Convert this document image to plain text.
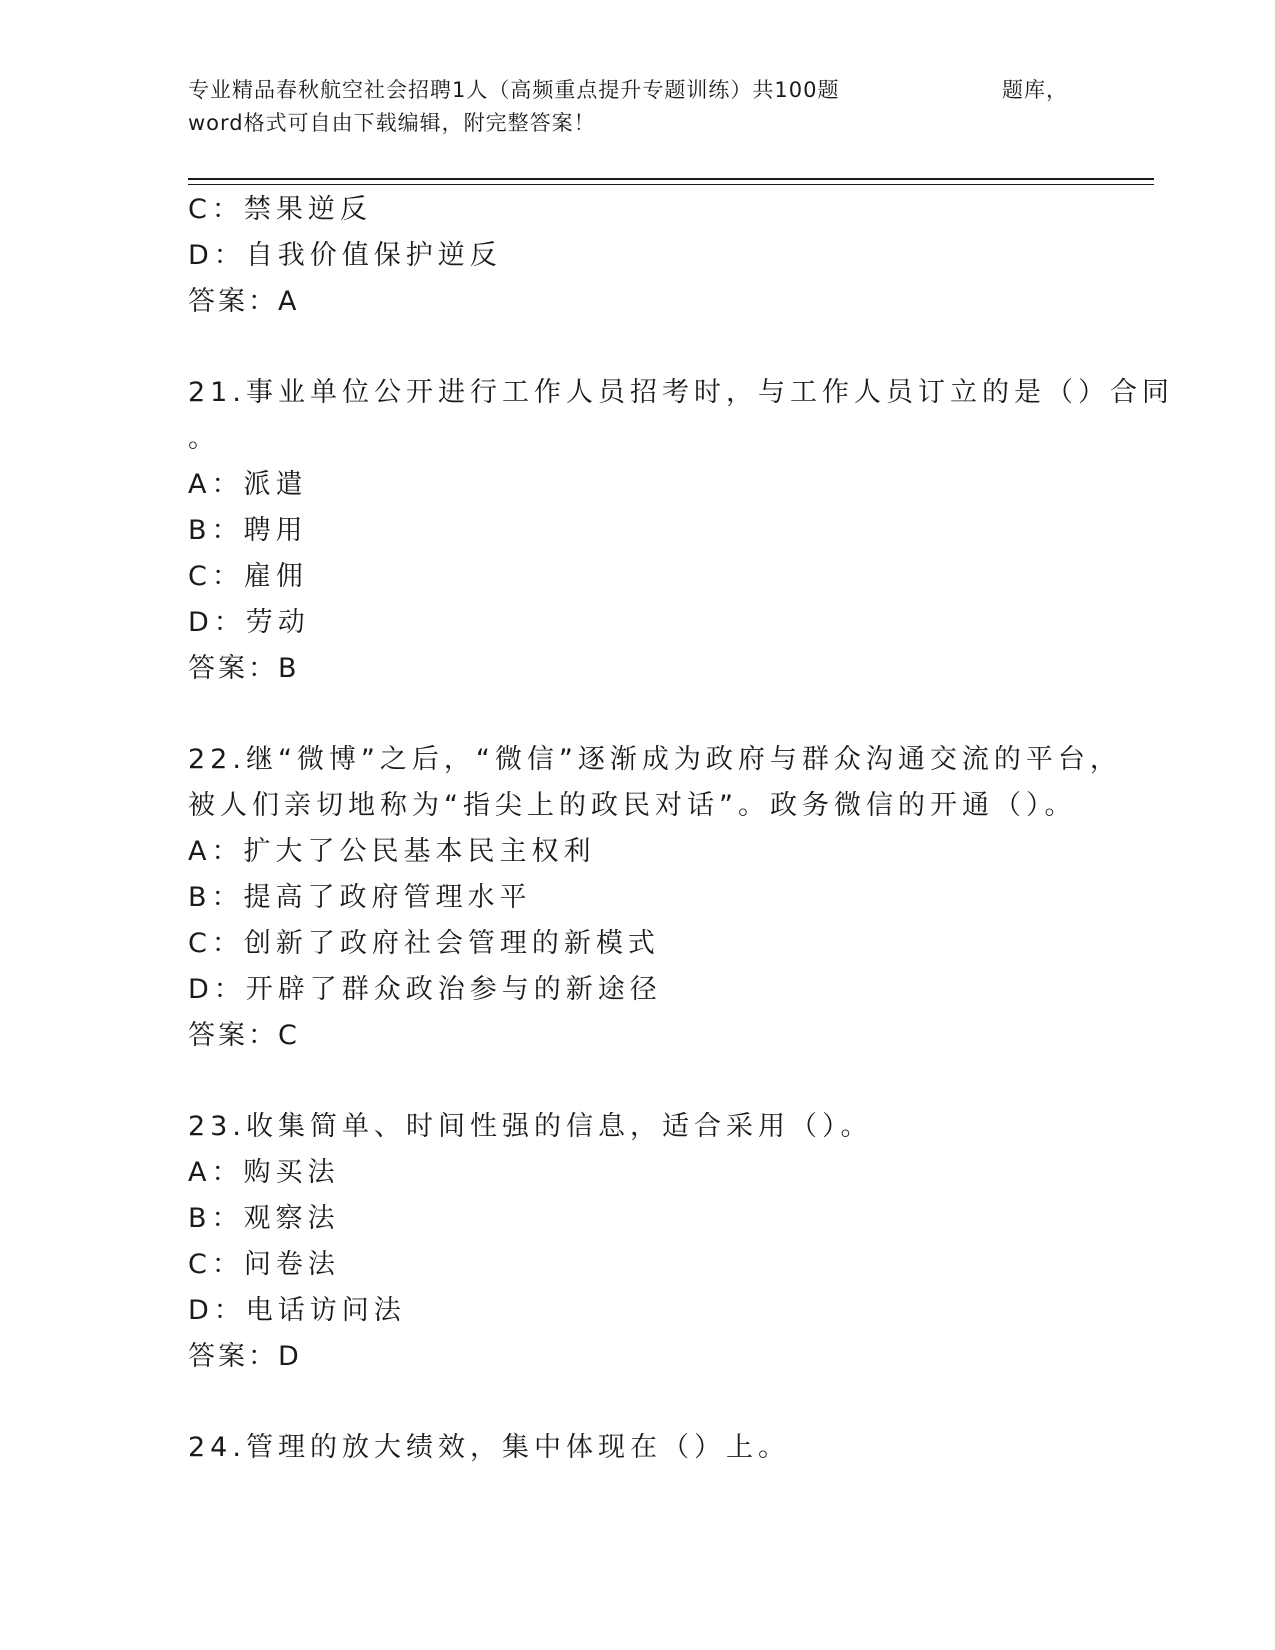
专业精品春秋航空社会招聘1人（高频重点提升专题训练）共100题	题库，
word格式可自由下载编辑，附完整答案！
C：禁果逆反
D：自我价值保护逆反
答案：A
21.事业单位公开进行工作人员招考时，与工作人员订立的是（）合同
。
A：派遣
B：聘用
C：雇佣
D：劳动
答案：B
22.继“微博”之后，“微信”逐渐成为政府与群众沟通交流的平台，
被人们亲切地称为“指尖上的政民对话”。政务微信的开通（）。
A：扩大了公民基本民主权利
B：提高了政府管理水平
C：创新了政府社会管理的新模式
D：开辟了群众政治参与的新途径
答案：C
23.收集简单、时间性强的信息，适合采用（）。
A：购买法
B：观察法
C：问卷法
D：电话访问法
答案：D
24.管理的放大绩效，集中体现在（）上。
